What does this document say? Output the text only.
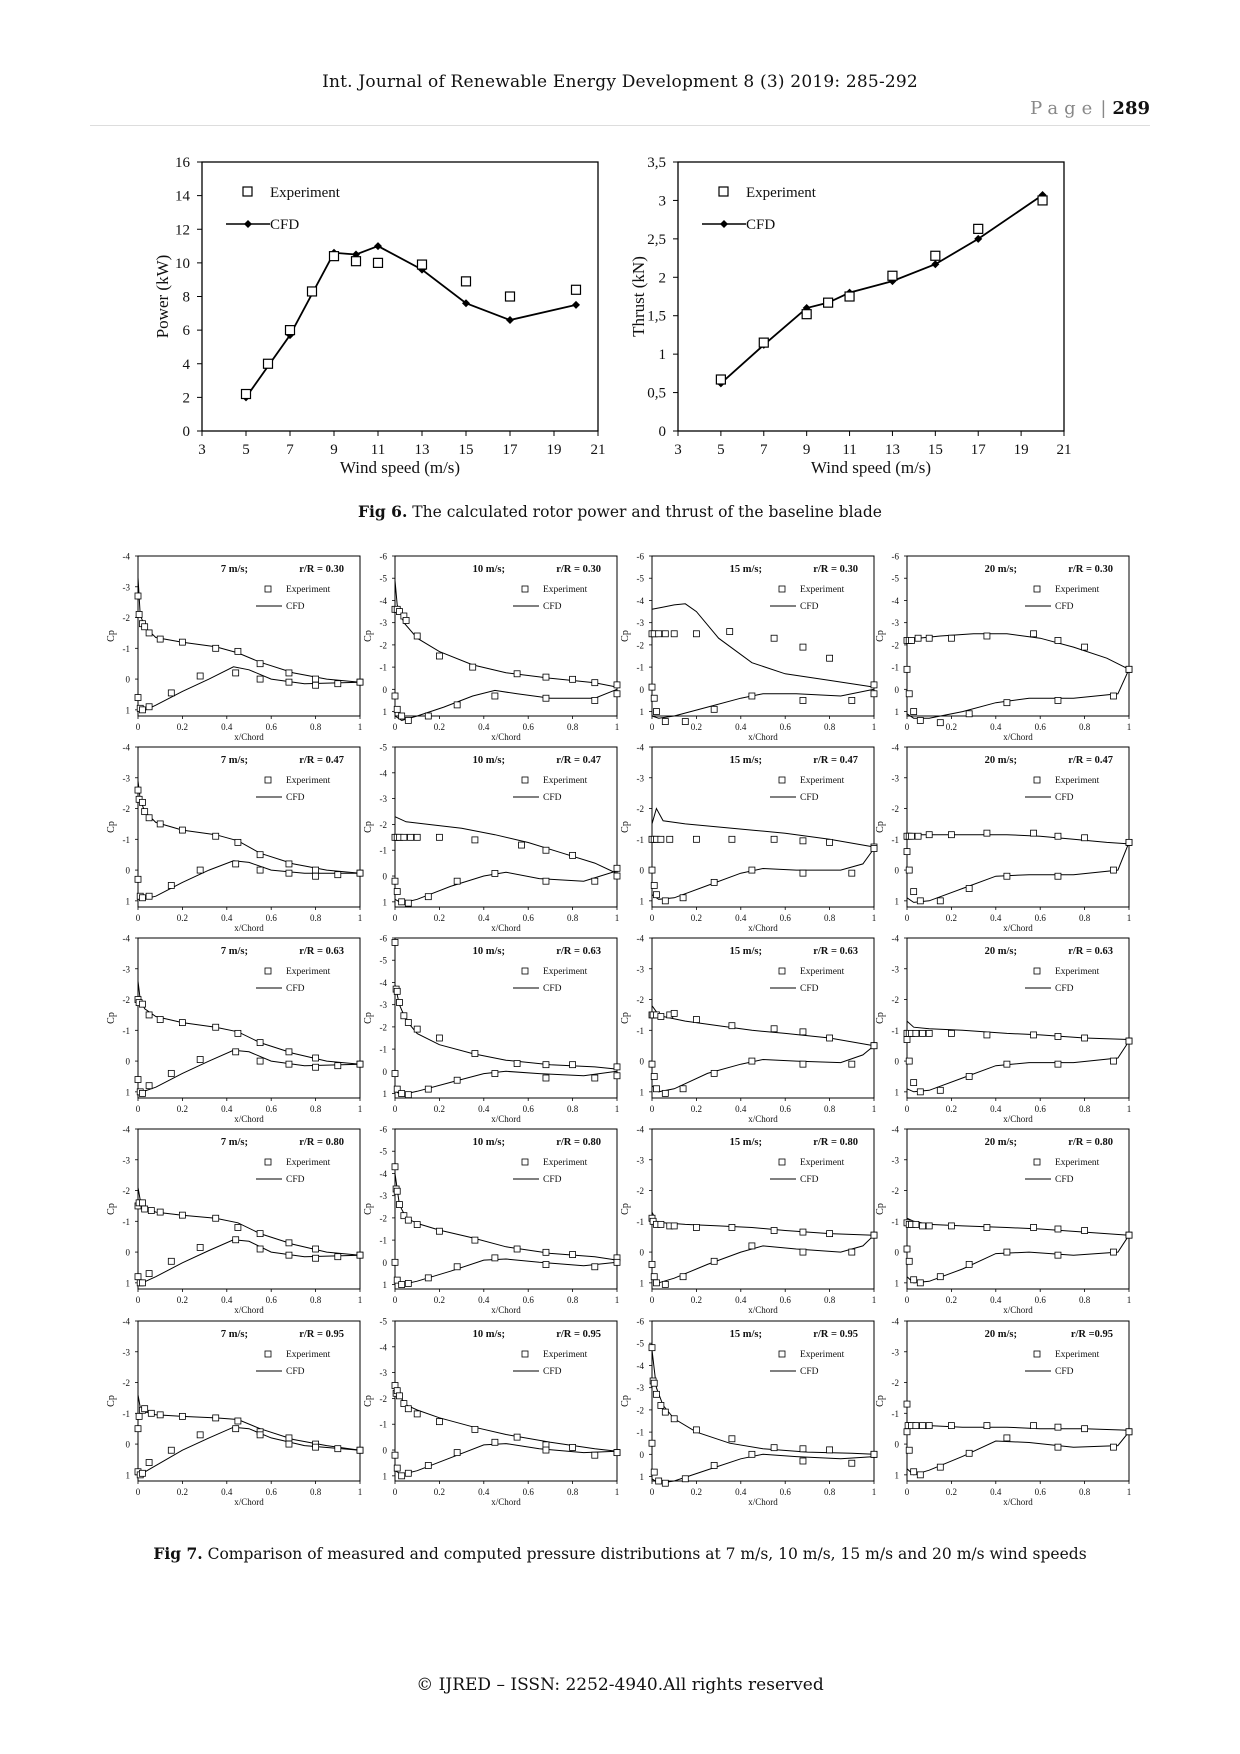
Int. Journal of Renewable Energy Development 8 (3) 2019: 285-292
Page | 289
3 5 7 9 11 13 15 17 19 21
0
2
4
6
8
10
12
14
16
Wind speed (m/s)
Power (kW)
Experiment
CFD
3 5 7 9 11 13 15 17 19 21
0
0,5
1
1,5
2
2,5
3
3,5
Wind speed (m/s)
Thrust (kN)
Experiment
CFD
Fig 6. The calculated rotor power and thrust of the baseline blade
-4
-3
-2
-1
0
1
0	0.2	0.4	0.6	0.8	1
x/Chord
Cp
7 m/s;	r/R = 0.30
Experiment
CFD
-6
-5
-4
-3
-2
-1
0
1
0	0.2	0.4	0.6	0.8	1
x/Chord
Cp
10 m/s;	r/R = 0.30
Experiment
CFD
-6
-5
-4
-3
-2
-1
0
1
0	0.2	0.4	0.6	0.8	1
x/Chord
Cp
15 m/s;	r/R = 0.30
Experiment
CFD
-6
-5
-4
-3
-2
-1
0
1
0	0.2	0.4	0.6	0.8	1
x/Chord
Cp
20 m/s;	r/R = 0.30
Experiment
CFD
-4
-3
-2
-1
0
1
0	0.2	0.4	0.6	0.8	1
x/Chord
Cp
7 m/s;	r/R = 0.47
Experiment
CFD
-5
-4
-3
-2
-1
0
1
0	0.2	0.4	0.6	0.8	1
x/Chord
Cp
10 m/s;	r/R = 0.47
Experiment
CFD
-4
-3
-2
-1
0
1
0	0.2	0.4	0.6	0.8	1
x/Chord
Cp
15 m/s;	r/R = 0.47
Experiment
CFD
-4
-3
-2
-1
0
1
0	0.2	0.4	0.6	0.8	1
x/Chord
Cp
20 m/s;	r/R = 0.47
Experiment
CFD
-4
-3
-2
-1
0
1
0	0.2	0.4	0.6	0.8	1
x/Chord
Cp
7 m/s;	r/R = 0.63
Experiment
CFD
-6
-5
-4
-3
-2
-1
0
1
0	0.2	0.4	0.6	0.8	1
x/Chord
Cp
10 m/s;	r/R = 0.63
Experiment
CFD
-4
-3
-2
-1
0
1
0	0.2	0.4	0.6	0.8	1
x/Chord
Cp
15 m/s;	r/R = 0.63
Experiment
CFD
-4
-3
-2
-1
0
1
0	0.2	0.4	0.6	0.8	1
x/Chord
Cp
20 m/s;	r/R = 0.63
Experiment
CFD
-4
-3
-2
-1
0
1
0	0.2	0.4	0.6	0.8	1
x/Chord
Cp
7 m/s;	r/R = 0.80
Experiment
CFD
-6
-5
-4
-3
-2
-1
0
1
0	0.2	0.4	0.6	0.8	1
x/Chord
Cp
10 m/s;	r/R = 0.80
Experiment
CFD
-4
-3
-2
-1
0
1
0	0.2	0.4	0.6	0.8	1
x/Chord
Cp
15 m/s;	r/R = 0.80
Experiment
CFD
-4
-3
-2
-1
0
1
0	0.2	0.4	0.6	0.8	1
x/Chord
Cp
20 m/s;	r/R = 0.80
Experiment
CFD
-4
-3
-2
-1
0
1
0	0.2	0.4	0.6	0.8	1
x/Chord
Cp
7 m/s;	r/R = 0.95
Experiment
CFD
-5
-4
-3
-2
-1
0
1
0	0.2	0.4	0.6	0.8	1
x/Chord
Cp
10 m/s;	r/R = 0.95
Experiment
CFD
-6
-5
-4
-3
-2
-1
0
1
0	0.2	0.4	0.6	0.8	1
x/Chord
Cp
15 m/s;	r/R = 0.95
Experiment
CFD
-4
-3
-2
-1
0
1
0	0.2	0.4	0.6	0.8	1
x/Chord
Cp
20 m/s;	r/R =0.95
Experiment
CFD
Fig 7. Comparison of measured and computed pressure distributions at 7 m/s, 10 m/s, 15 m/s and 20 m/s wind speeds
© IJRED – ISSN: 2252-4940.All rights reserved
